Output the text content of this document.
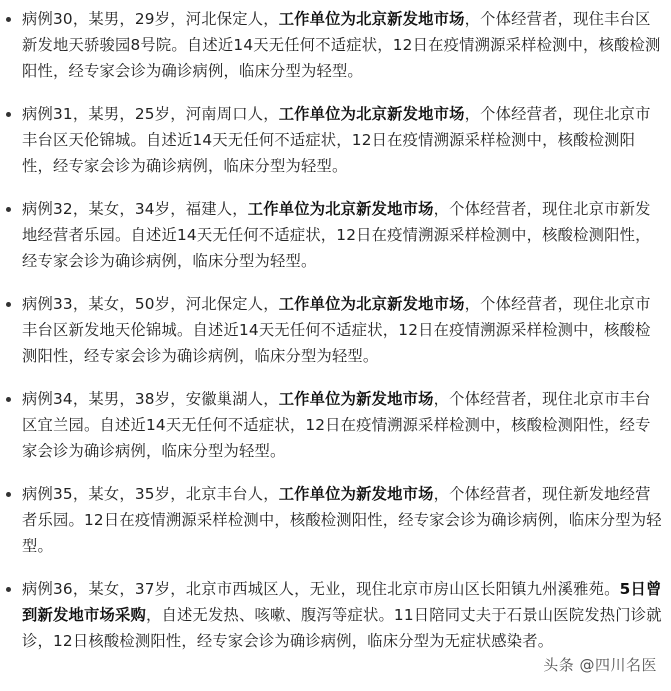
病例30，某男，29岁，河北保定人，工作单位为北京新发地市场，个体经营者，现住丰台区新发地天骄骏园8号院。自述近14天无任何不适症状，12日在疫情溯源采样检测中，核酸检测阳性，经专家会诊为确诊病例，临床分型为轻型。
病例31，某男，25岁，河南周口人，工作单位为北京新发地市场，个体经营者，现住北京市丰台区天伦锦城。自述近14天无任何不适症状，12日在疫情溯源采样检测中，核酸检测阳性，经专家会诊为确诊病例，临床分型为轻型。
病例32，某女，34岁，福建人，工作单位为北京新发地市场，个体经营者，现住北京市新发地经营者乐园。自述近14天无任何不适症状，12日在疫情溯源采样检测中，核酸检测阳性，经专家会诊为确诊病例，临床分型为轻型。
病例33，某女，50岁，河北保定人，工作单位为北京新发地市场，个体经营者，现住北京市丰台区新发地天伦锦城。自述近14天无任何不适症状，12日在疫情溯源采样检测中，核酸检测阳性，经专家会诊为确诊病例，临床分型为轻型。
病例34，某男，38岁，安徽巢湖人，工作单位为新发地市场，个体经营者，现住北京市丰台区宜兰园。自述近14天无任何不适症状，12日在疫情溯源采样检测中，核酸检测阳性，经专家会诊为确诊病例，临床分型为轻型。
病例35，某女，35岁，北京丰台人，工作单位为新发地市场，个体经营者，现住新发地经营者乐园。12日在疫情溯源采样检测中，核酸检测阳性，经专家会诊为确诊病例，临床分型为轻型。
病例36，某女，37岁，北京市西城区人，无业，现住北京市房山区长阳镇九州溪雅苑。5日曾到新发地市场采购，自述无发热、咳嗽、腹泻等症状。11日陪同丈夫于石景山医院发热门诊就诊，12日核酸检测阳性，经专家会诊为确诊病例，临床分型为无症状感染者。
头条 @四川名医
